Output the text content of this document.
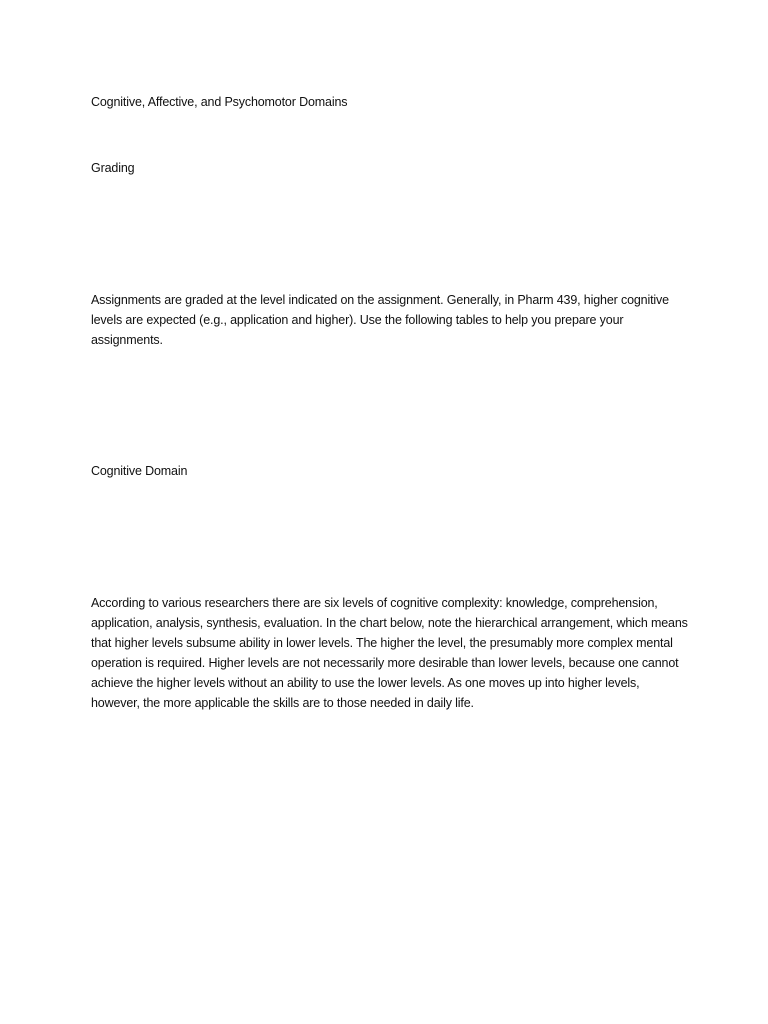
Cognitive, Affective, and Psychomotor Domains

Grading

Assignments are graded at the level indicated on the assignment. Generally, in Pharm 439, higher cognitive levels are expected (e.g., application and higher). Use the following tables to help you prepare your assignments.

Cognitive Domain

According to various researchers there are six levels of cognitive complexity: knowledge, comprehension, application, analysis, synthesis, evaluation. In the chart below, note the hierarchical arrangement, which means that higher levels subsume ability in lower levels. The higher the level, the presumably more complex mental operation is required. Higher levels are not necessarily more desirable than lower levels, because one cannot achieve the higher levels without an ability to use the lower levels. As one moves up into higher levels, however, the more applicable the skills are to those needed in daily life.
